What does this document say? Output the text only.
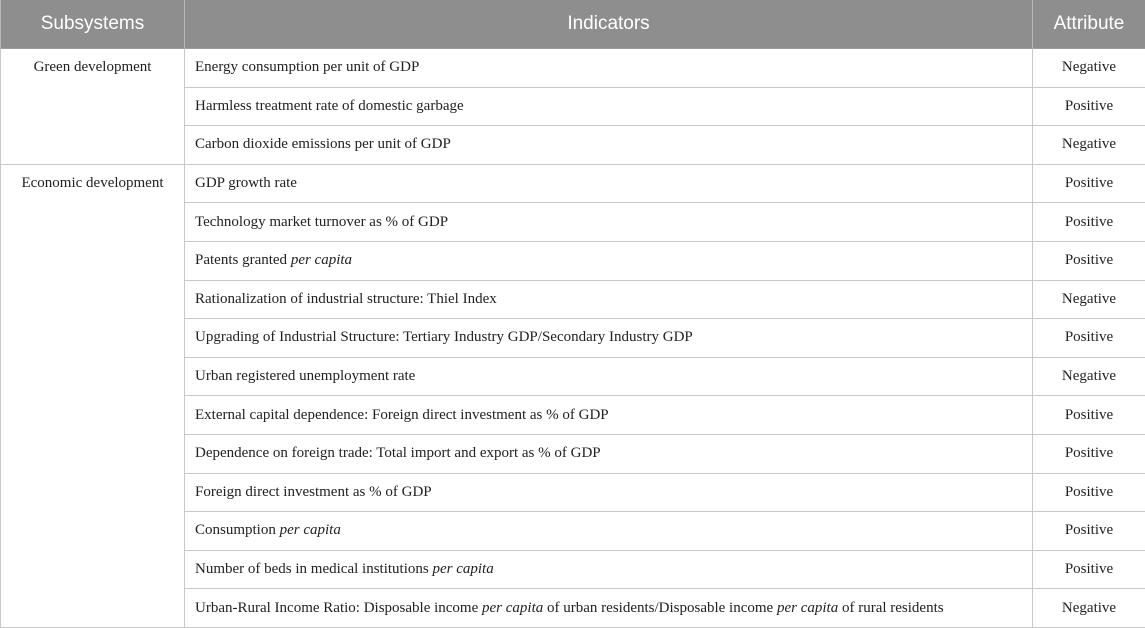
Subsystems	Indicators	Attribute
Green development	Energy consumption per unit of GDP	Negative
	Harmless treatment rate of domestic garbage	Positive
	Carbon dioxide emissions per unit of GDP	Negative
Economic development	GDP growth rate	Positive
	Technology market turnover as % of GDP	Positive
	Patents granted per capita	Positive
	Rationalization of industrial structure: Thiel Index	Negative
	Upgrading of Industrial Structure: Tertiary Industry GDP/Secondary Industry GDP	Positive
	Urban registered unemployment rate	Negative
	External capital dependence: Foreign direct investment as % of GDP	Positive
	Dependence on foreign trade: Total import and export as % of GDP	Positive
	Foreign direct investment as % of GDP	Positive
	Consumption per capita	Positive
	Number of beds in medical institutions per capita	Positive
	Urban-Rural Income Ratio: Disposable income per capita of urban residents/Disposable income per capita of rural residents	Negative
